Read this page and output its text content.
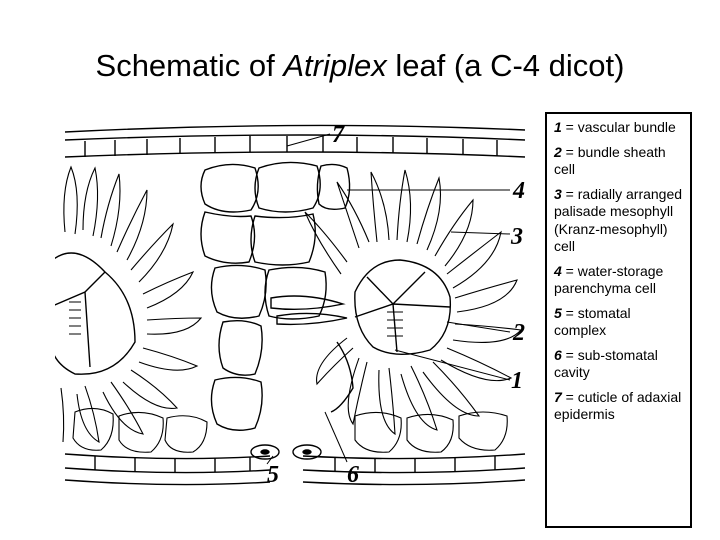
Schematic of Atriplex leaf (a C-4 dicot)
7
4
3
2
1
5	6
1 = vascular bundle
2 = bundle sheath cell
3 = radially arranged palisade mesophyll (Kranz-mesophyll) cell
4 = water-storage parenchyma cell
5 = stomatal complex
6 = sub-stomatal cavity
7 = cuticle of adaxial epidermis
